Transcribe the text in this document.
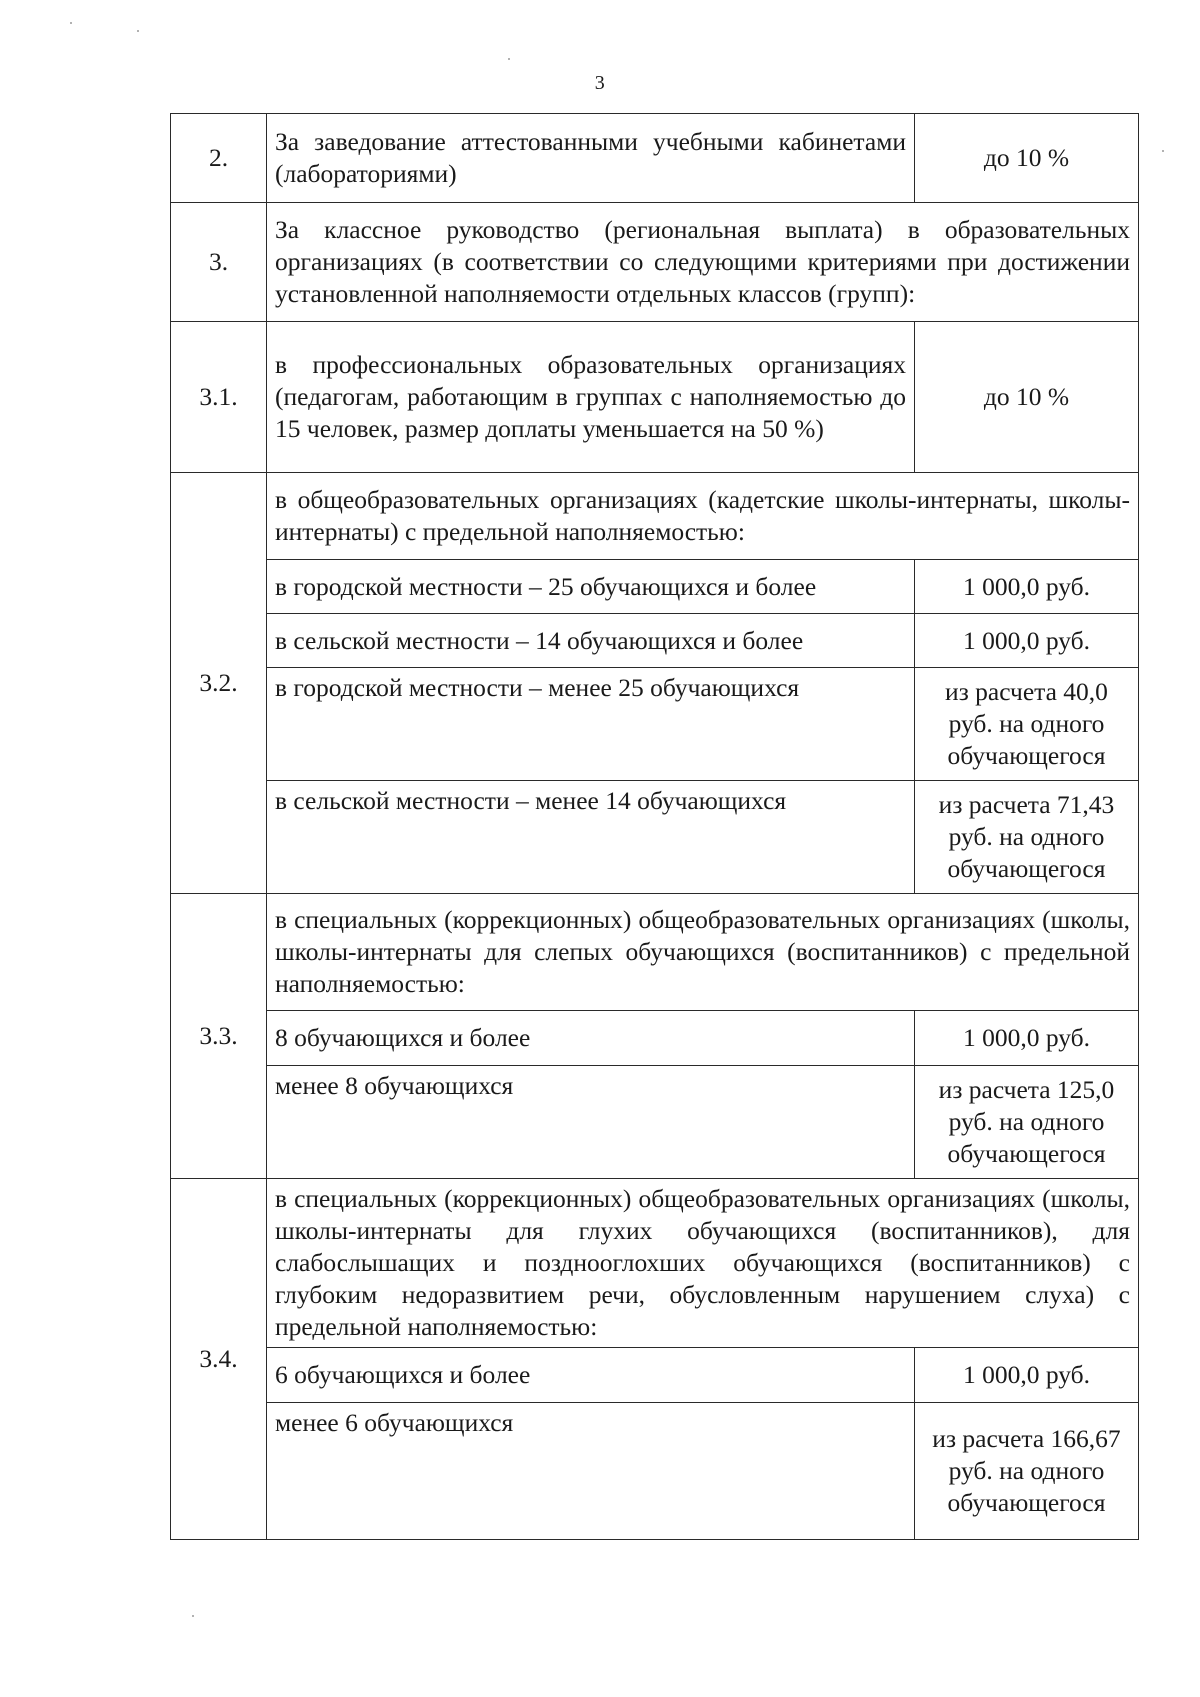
3
2.	За заведование аттестованными учебными кабинетами (лабораториями)	до 10 %
3.	За классное руководство (региональная выплата) в образовательных организациях (в соответствии со следующими критериями при достижении установленной наполняемости отдельных классов (групп):	
3.1.	в профессиональных образовательных организациях (педагогам, работающим в группах с наполняемостью до 15 человек, размер доплаты уменьшается на 50 %)	до 10 %
3.2.	в общеобразовательных организациях (кадетские школы-интернаты, школы-интернаты) с предельной наполняемостью:	
	в городской местности – 25 обучающихся и более	1 000,0 руб.
	в сельской местности – 14 обучающихся и более	1 000,0 руб.
	в городской местности – менее 25 обучающихся	из расчета 40,0 руб. на одного обучающегося
	в сельской местности – менее 14 обучающихся	из расчета 71,43 руб. на одного обучающегося
3.3.	в специальных (коррекционных) общеобразовательных организациях (школы, школы-интернаты для слепых обучающихся (воспитанников) с предельной наполняемостью:	
	8 обучающихся и более	1 000,0 руб.
	менее 8 обучающихся	из расчета 125,0 руб. на одного обучающегося
3.4.	в специальных (коррекционных) общеобразовательных организациях (школы, школы-интернаты для глухих обучающихся (воспитанников), для слабослышащих и позднооглохших обучающихся (воспитанников) с глубоким недоразвитием речи, обусловленным нарушением слуха) с предельной наполняемостью:	
	6 обучающихся и более	1 000,0 руб.
	менее 6 обучающихся	из расчета 166,67 руб. на одного обучающегося
